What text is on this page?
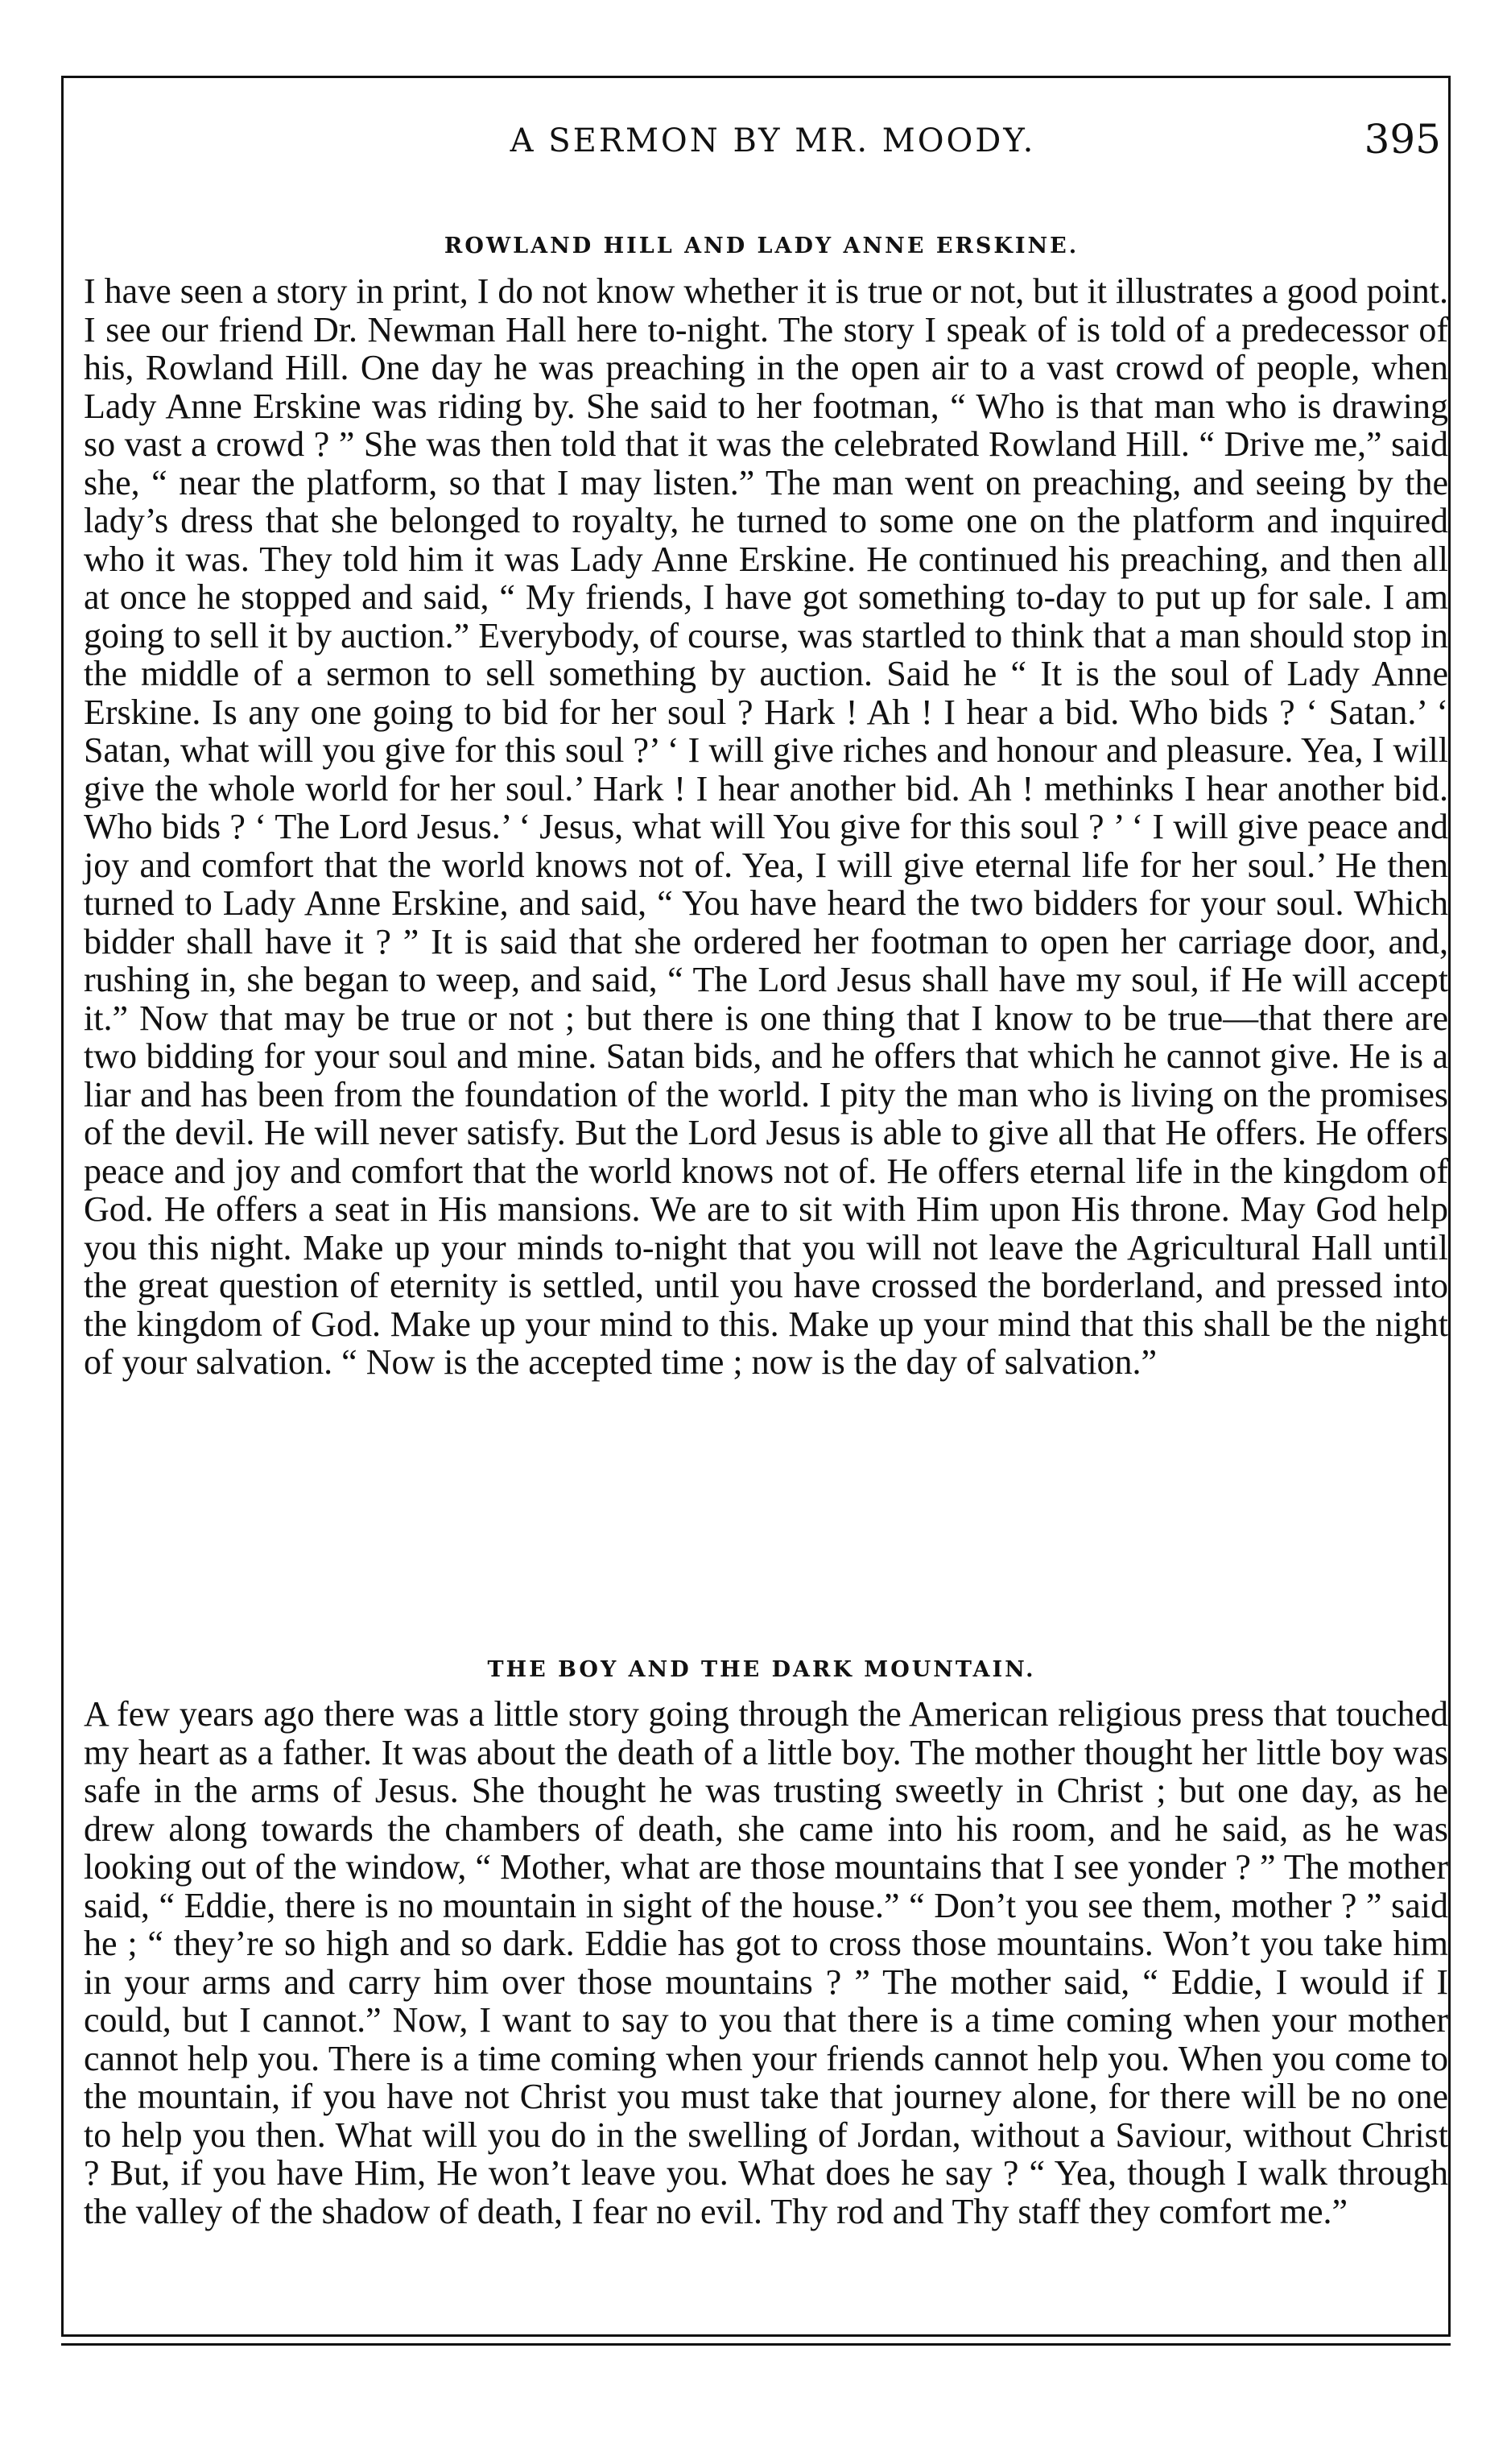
A SERMON BY MR. MOODY.	395
ROWLAND HILL AND LADY ANNE ERSKINE.

I have seen a story in print, I do not know whether it is true or not, but it illustrates a good point. I see our friend Dr. Newman Hall here to-night. The story I speak of is told of a predecessor of his, Rowland Hill. One day he was preaching in the open air to a vast crowd of people, when Lady Anne Erskine was riding by. She said to her footman, “ Who is that man who is drawing so vast a crowd ? ” She was then told that it was the celebrated Rowland Hill. “ Drive me,” said she, “ near the platform, so that I may listen.” The man went on preaching, and seeing by the lady’s dress that she belonged to royalty, he turned to some one on the platform and inquired who it was. They told him it was Lady Anne Erskine. He continued his preaching, and then all at once he stopped and said, “ My friends, I have got something to-day to put up for sale. I am going to sell it by auction.” Everybody, of course, was startled to think that a man should stop in the middle of a sermon to sell something by auction. Said he “ It is the soul of Lady Anne Erskine. Is any one going to bid for her soul ? Hark ! Ah ! I hear a bid. Who bids ? ‘ Satan.’ ‘ Satan, what will you give for this soul ?’ ‘ I will give riches and honour and pleasure. Yea, I will give the whole world for her soul.’ Hark ! I hear another bid. Ah ! methinks I hear another bid. Who bids ? ‘ The Lord Jesus.’ ‘ Jesus, what will You give for this soul ? ’ ‘ I will give peace and joy and comfort that the world knows not of. Yea, I will give eternal life for her soul.’ He then turned to Lady Anne Erskine, and said, “ You have heard the two bidders for your soul. Which bidder shall have it ? ” It is said that she ordered her footman to open her carriage door, and, rushing in, she began to weep, and said, “ The Lord Jesus shall have my soul, if He will accept it.” Now that may be true or not ; but there is one thing that I know to be true—that there are two bidding for your soul and mine. Satan bids, and he offers that which he cannot give. He is a liar and has been from the foundation of the world. I pity the man who is living on the promises of the devil. He will never satisfy. But the Lord Jesus is able to give all that He offers. He offers peace and joy and comfort that the world knows not of. He offers eternal life in the kingdom of God. He offers a seat in His mansions. We are to sit with Him upon His throne. May God help you this night. Make up your minds to-night that you will not leave the Agricultural Hall until the great question of eternity is settled, until you have crossed the borderland, and pressed into the kingdom of God. Make up your mind to this. Make up your mind that this shall be the night of your salvation. “ Now is the accepted time ; now is the day of salvation.”

THE BOY AND THE DARK MOUNTAIN.

A few years ago there was a little story going through the American religious press that touched my heart as a father. It was about the death of a little boy. The mother thought her little boy was safe in the arms of Jesus. She thought he was trusting sweetly in Christ ; but one day, as he drew along towards the chambers of death, she came into his room, and he said, as he was looking out of the window, “ Mother, what are those mountains that I see yonder ? ” The mother said, “ Eddie, there is no mountain in sight of the house.” “ Don’t you see them, mother ? ” said he ; “ they’re so high and so dark. Eddie has got to cross those mountains. Won’t you take him in your arms and carry him over those mountains ? ” The mother said, “ Eddie, I would if I could, but I cannot.” Now, I want to say to you that there is a time coming when your mother cannot help you. There is a time coming when your friends cannot help you. When you come to the mountain, if you have not Christ you must take that journey alone, for there will be no one to help you then. What will you do in the swelling of Jordan, without a Saviour, without Christ ? But, if you have Him, He won’t leave you. What does he say ? “ Yea, though I walk through the valley of the shadow of death, I fear no evil. Thy rod and Thy staff they comfort me.”
